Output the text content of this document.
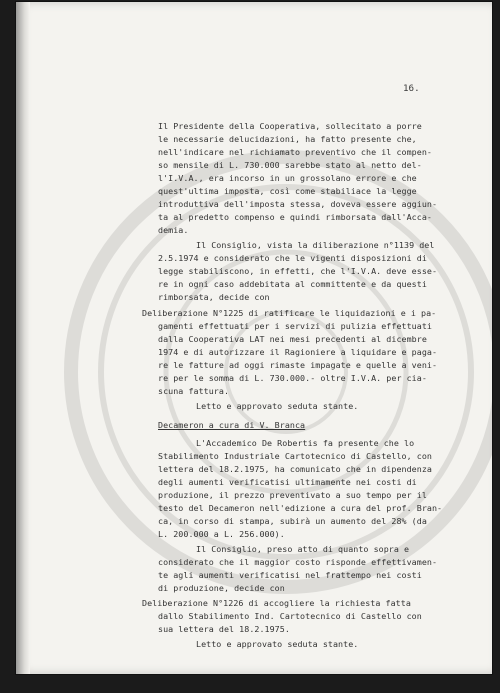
16.
Il Presidente della Cooperativa, sollecitato a porre
le necessarie delucidazioni, ha fatto presente che,
nell'indicare nel richiamato preventivo che il compen-
so mensile di L. 730.000 sarebbe stato al netto del-
l'I.V.A., era incorso in un grossolano errore e che
quest'ultima imposta, così come stabiliace la legge
introduttiva dell'imposta stessa, doveva essere aggiun-
ta al predetto compenso e quindi rimborsata dall'Acca-
demia.
Il Consiglio, vista la diliberazione n°1139 del
2.5.1974 e considerato che le vigenti disposizioni di
legge stabiliscono, in effetti, che l'I.V.A. deve esse-
re in ogni caso addebitata al committente e da questi
rimborsata, decide con
Deliberazione N°1225 di ratificare le liquidazioni e i pa-
gamenti effettuati per i servizi di pulizia effettuati
dalla Cooperativa LAT nei mesi precedenti al dicembre
1974 e di autorizzare il Ragioniere a liquidare e paga-
re le fatture ad oggi rimaste impagate e quelle a veni-
re per le somma di L. 730.000.- oltre I.V.A. per cia-
scuna fattura.
Letto e approvato seduta stante.
Decameron a cura di V. Branca
L'Accademico De Robertis fa presente che lo
Stabilimento Industriale Cartotecnico di Castello, con
lettera del 18.2.1975, ha comunicato che in dipendenza
degli aumenti verificatisi ultimamente nei costi di
produzione, il prezzo preventivato a suo tempo per il
testo del Decameron nell'edizione a cura del prof. Bran-
ca, in corso di stampa, subirà un aumento del 28% (da
L. 200.000 a L. 256.000).
Il Consiglio, preso atto di quanto sopra e
considerato che il maggior costo risponde effettivamen-
te agli aumenti verificatisi nel frattempo nei costi
di produzione, decide con
Deliberazione N°1226 di accogliere la richiesta fatta
dallo Stabilimento Ind. Cartotecnico di Castello con
sua lettera del 18.2.1975.
Letto e approvato seduta stante.
